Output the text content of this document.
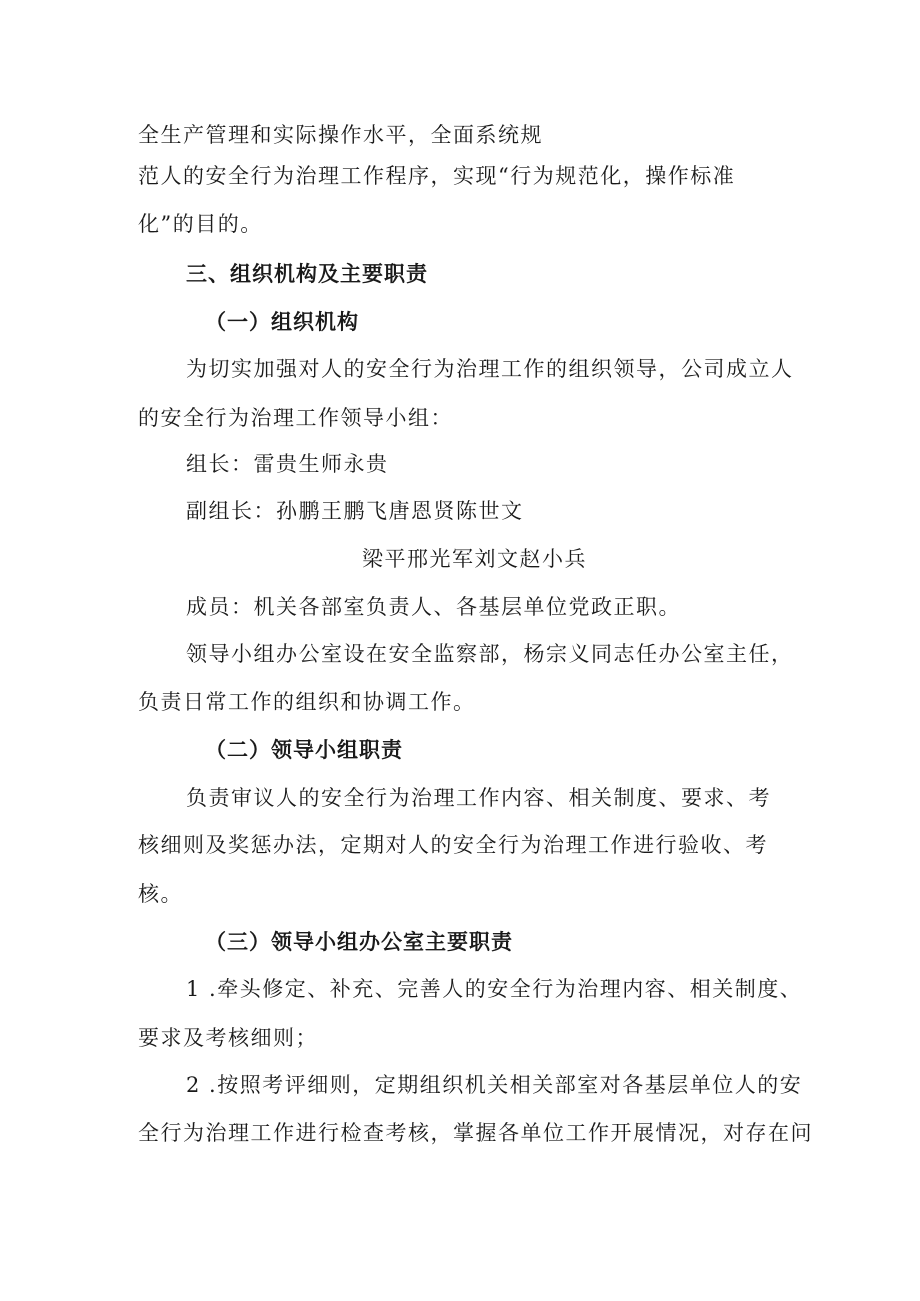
全生产管理和实际操作水平，全面系统规
范人的安全行为治理工作程序，实现“行为规范化，操作标准
化”的目的。
三、组织机构及主要职责
（一）组织机构
为切实加强对人的安全行为治理工作的组织领导，公司成立人
的安全行为治理工作领导小组：
组长：雷贵生师永贵
副组长：孙鹏王鹏飞唐恩贤陈世文
梁平邢光军刘文赵小兵
成员：机关各部室负责人、各基层单位党政正职。
领导小组办公室设在安全监察部，杨宗义同志任办公室主任，
负责日常工作的组织和协调工作。
（二）领导小组职责
负责审议人的安全行为治理工作内容、相关制度、要求、考
核细则及奖惩办法，定期对人的安全行为治理工作进行验收、考
核。
（三）领导小组办公室主要职责
1 .牵头修定、补充、完善人的安全行为治理内容、相关制度、
要求及考核细则；
2 .按照考评细则，定期组织机关相关部室对各基层单位人的安
全行为治理工作进行检查考核，掌握各单位工作开展情况，对存在问
